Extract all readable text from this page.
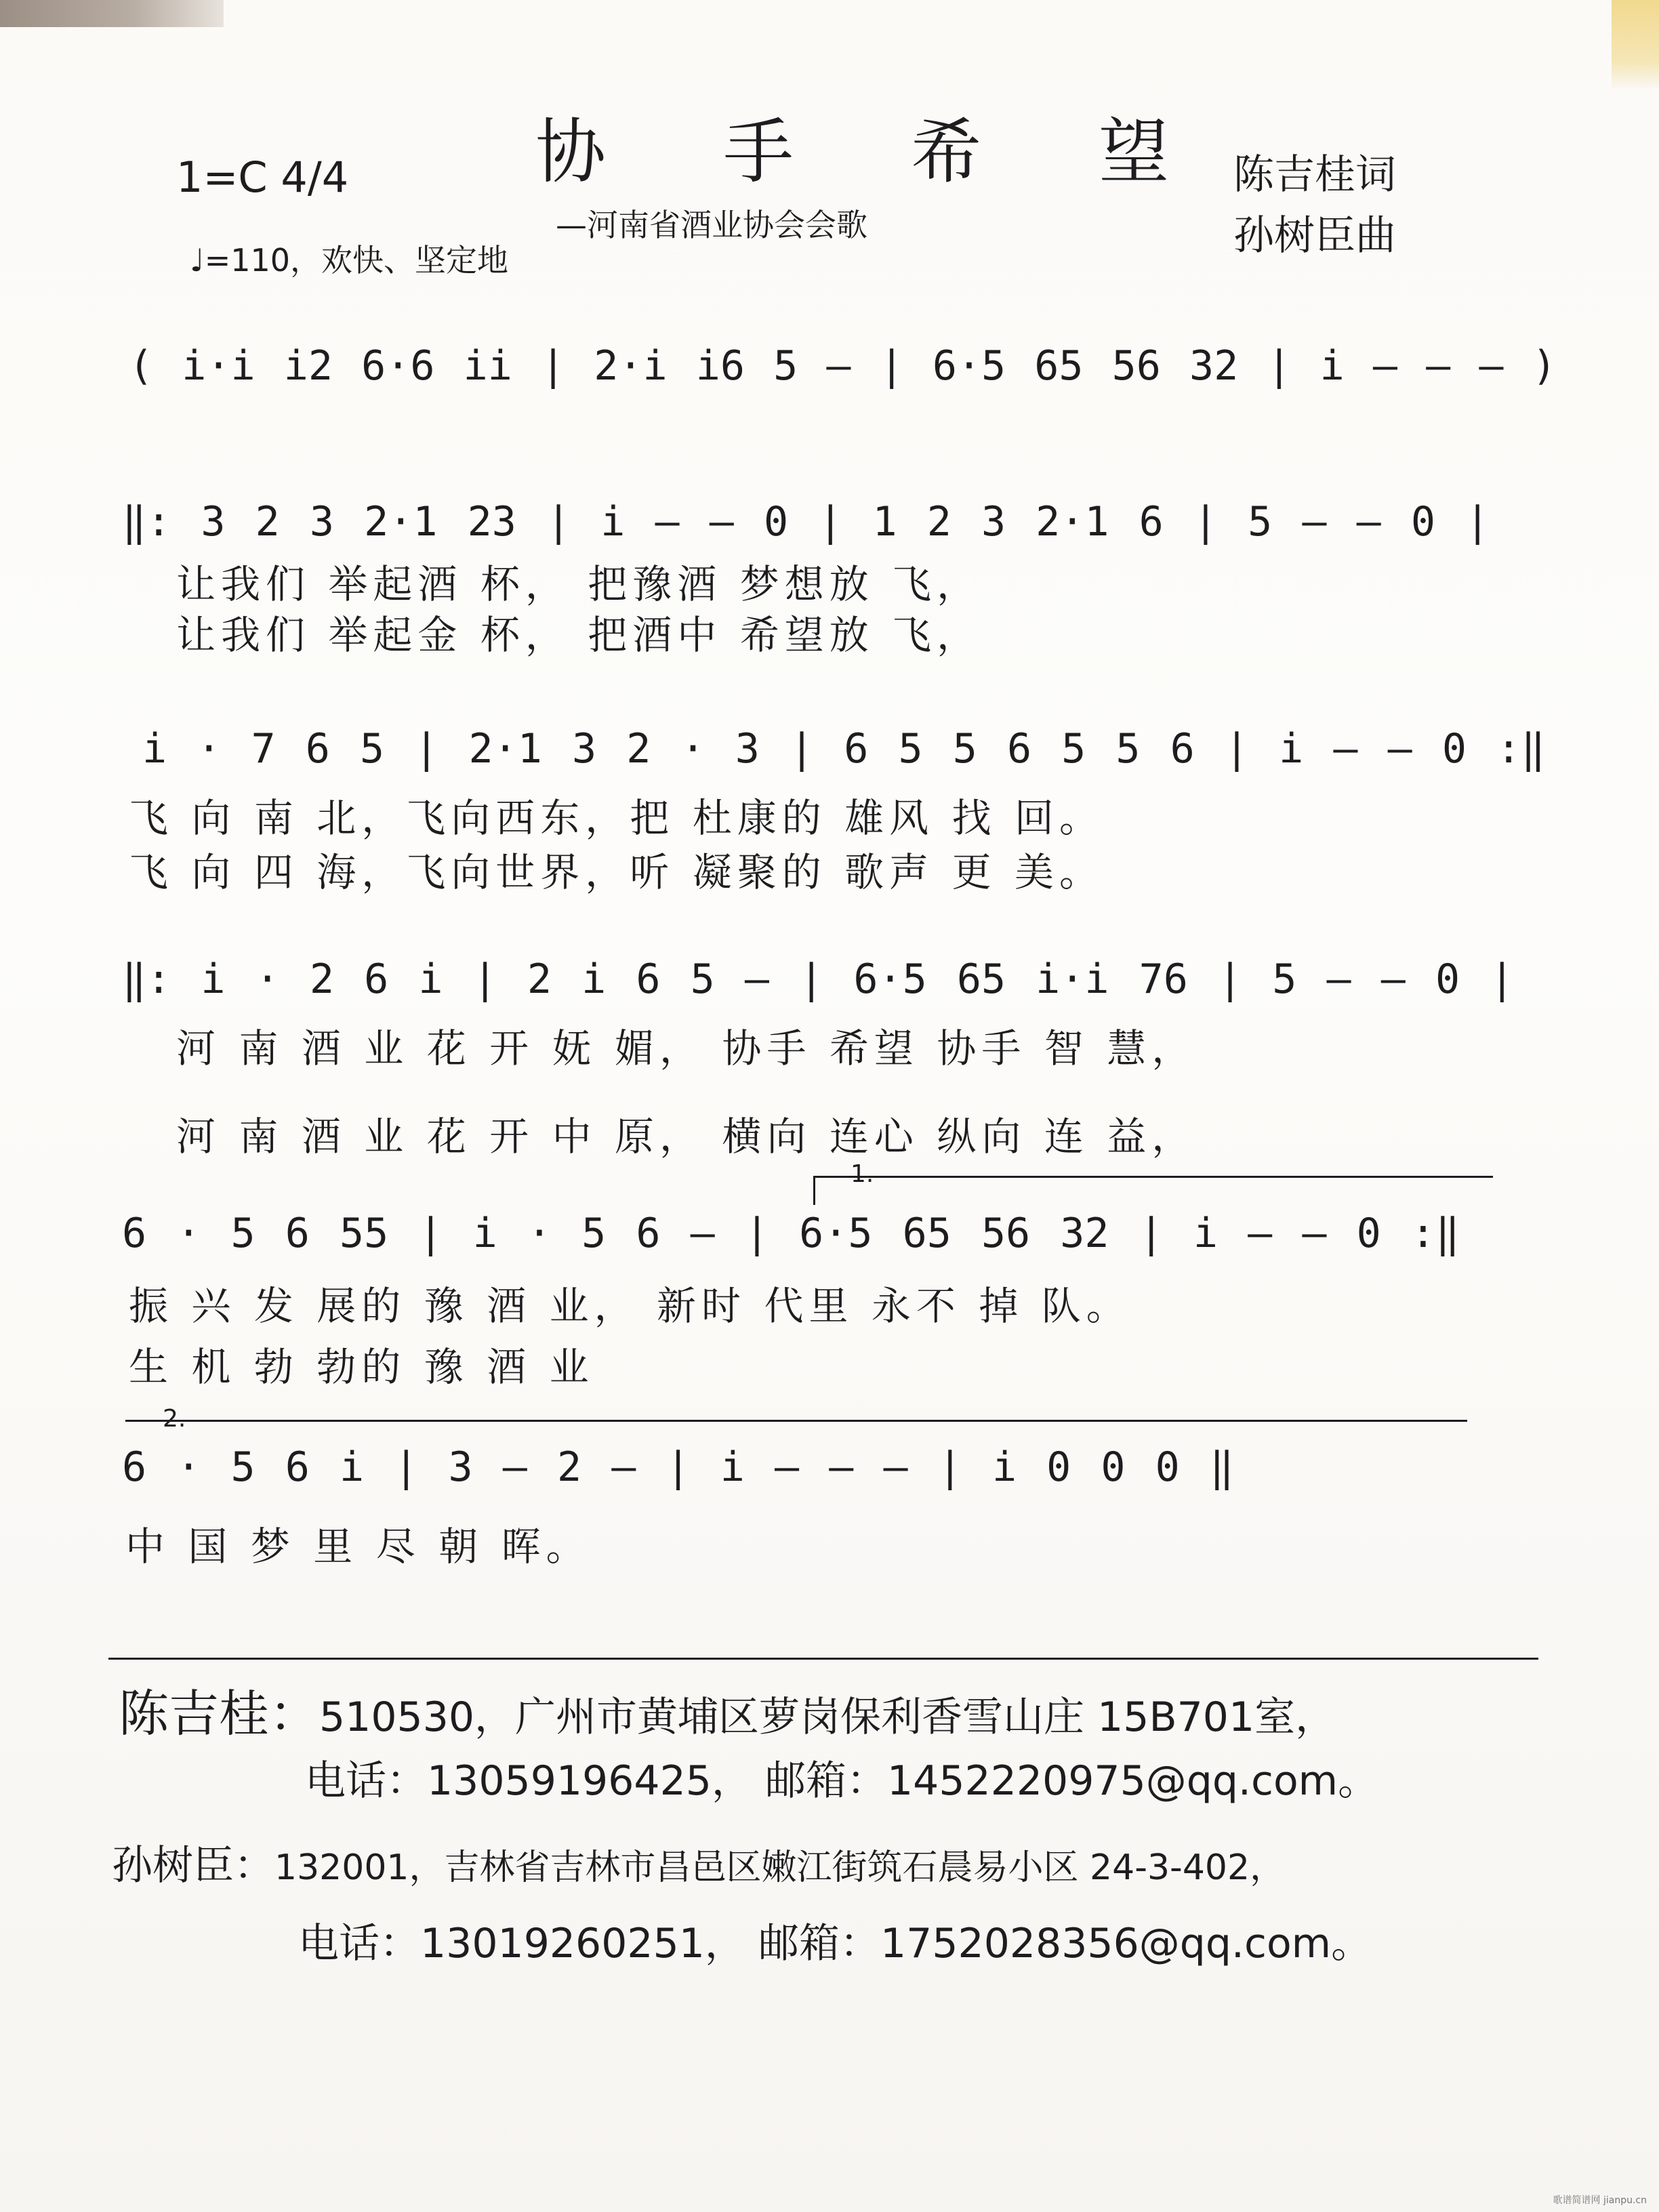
1=C 4/4	协 手 希 望
—河南省酒业协会会歌
♩=110，欢快、坚定地
陈吉桂词
孙树臣曲
( i·i i2 6·6 ii | 2·i i6 5 — | 6·5 65 56 32 | i — — — )
‖: 3 2 3 2·1 23 | i — — 0 | 1 2 3 2·1 6 | 5 — — 0 |
让我们 举起酒 杯， 把豫酒 梦想放 飞，
让我们 举起金 杯， 把酒中 希望放 飞，
i · 7 6 5 | 2·1 3 2 · 3 | 6 5 5 6 5 5 6 | i — — 0 :‖
飞 向 南 北，飞向西东，把 杜康的 雄风 找 回。
飞 向 四 海，飞向世界，听 凝聚的 歌声 更 美。
‖: i · 2 6 i | 2 i 6 5 — | 6·5 65 i·i 76 | 5 — — 0 |
河 南 酒 业 花 开 妩 媚， 协手 希望 协手 智 慧，
河 南 酒 业 花 开 中 原， 横向 连心 纵向 连 益，
1.
6 · 5 6 55 | i · 5 6 — | 6·5 65 56 32 | i — — 0 :‖
振 兴 发 展的 豫 酒 业， 新时 代里 永不 掉 队。
生 机 勃 勃的 豫 酒 业
2.
6 · 5 6 i | 3 — 2 — | i — — — | i 0 0 0 ‖
中 国 梦 里 尽 朝 晖。
陈吉桂：510530，广州市黄埔区萝岗保利香雪山庄 15B701室，
电话：13059196425， 邮箱：1452220975@qq.com。
孙树臣：132001，吉林省吉林市昌邑区嫩江街筑石晨易小区 24-3-402，
电话：13019260251， 邮箱：1752028356@qq.com。
歌谱简谱网 jianpu.cn
